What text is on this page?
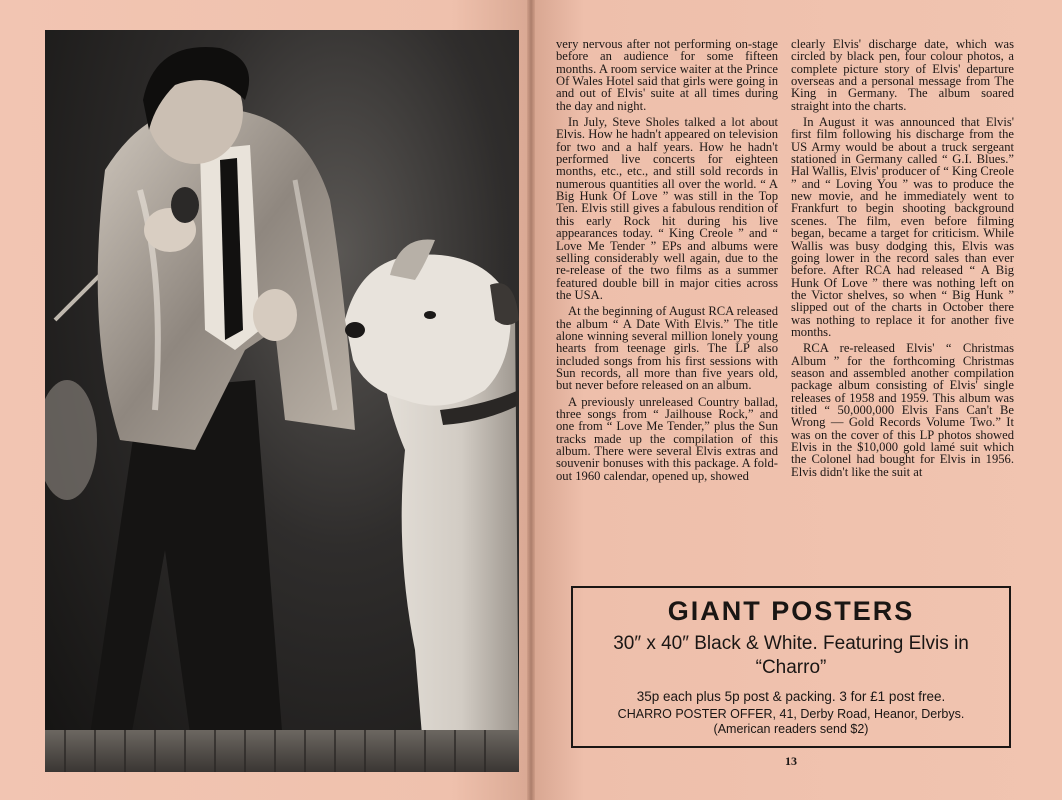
very nervous after not performing on-stage before an audience for some fifteen months. A room service waiter at the Prince Of Wales Hotel said that girls were going in and out of Elvis' suite at all times during the day and night.

In July, Steve Sholes talked a lot about Elvis. How he hadn't appeared on television for two and a half years. How he hadn't performed live concerts for eighteen months, etc., etc., and still sold records in numerous quantities all over the world. “ A Big Hunk Of Love ” was still in the Top Ten. Elvis still gives a fabulous rendition of this early Rock hit during his live appearances today. “ King Creole ” and “ Love Me Tender ” EPs and albums were selling considerably well again, due to the re-release of the two films as a summer featured double bill in major cities across the USA.

At the beginning of August RCA released the album “ A Date With Elvis.” The title alone winning several million lonely young hearts from teenage girls. The LP also included songs from his first sessions with Sun records, all more than five years old, but never before released on an album.

A previously unreleased Country ballad, three songs from “ Jailhouse Rock,” and one from “ Love Me Tender,” plus the Sun tracks made up the compilation of this album. There were several Elvis extras and souvenir bonuses with this package. A fold-out 1960 calendar, opened up, showed

clearly Elvis' discharge date, which was circled by black pen, four colour photos, a complete picture story of Elvis' departure overseas and a personal message from The King in Germany. The album soared straight into the charts.

In August it was announced that Elvis' first film following his discharge from the US Army would be about a truck sergeant stationed in Germany called “ G.I. Blues.” Hal Wallis, Elvis' producer of “ King Creole ” and “ Loving You ” was to produce the new movie, and he immediately went to Frankfurt to begin shooting background scenes. The film, even before filming began, became a target for criticism. While Wallis was busy dodging this, Elvis was going lower in the record sales than ever before. After RCA had released “ A Big Hunk Of Love ” there was nothing left on the Victor shelves, so when “ Big Hunk ” slipped out of the charts in October there was nothing to replace it for another five months.

RCA re-released Elvis' “ Christmas Album ” for the forthcoming Christmas season and assembled another compilation package album consisting of Elvis' single releases of 1958 and 1959. This album was titled “ 50,000,000 Elvis Fans Can't Be Wrong — Gold Records Volume Two.” It was on the cover of this LP photos showed Elvis in the $10,000 gold lamé suit which the Colonel had bought for Elvis in 1956. Elvis didn't like the suit at

GIANT POSTERS
30″ x 40″ Black & White. Featuring Elvis in
“Charro”
35p each plus 5p post & packing. 3 for £1 post free.
CHARRO POSTER OFFER, 41, Derby Road, Heanor, Derbys.
(American readers send $2)
13
